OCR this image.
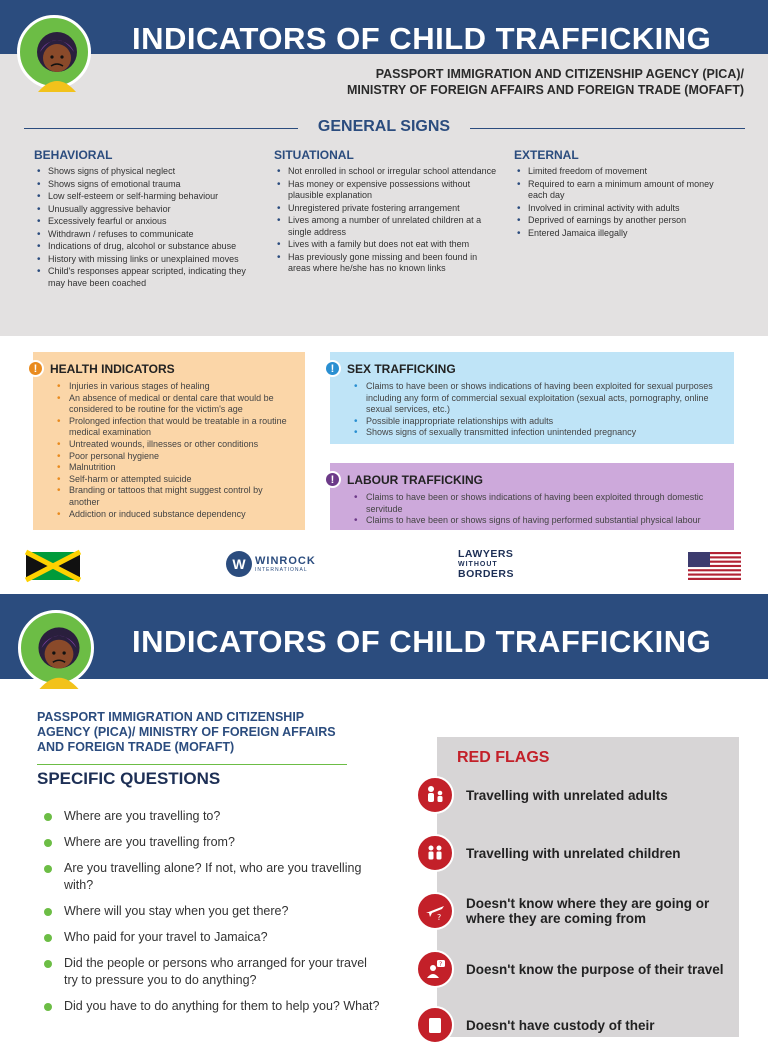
INDICATORS OF CHILD TRAFFICKING
PASSPORT IMMIGRATION AND CITIZENSHIP AGENCY (PICA)/
MINISTRY OF FOREIGN AFFAIRS AND FOREIGN TRADE (MOFAFT)
GENERAL SIGNS
BEHAVIORAL
• Shows signs of physical neglect
• Shows signs of emotional trauma
• Low self-esteem or self-harming behaviour
• Unusually aggressive behavior
• Excessively fearful or anxious
• Withdrawn / refuses to communicate
• Indications of drug, alcohol or substance abuse
• History with missing links or unexplained moves
• Child's responses appear scripted, indicating they may have been coached
SITUATIONAL
• Not enrolled in school or irregular school attendance
• Has money or expensive possessions without plausible explanation
• Unregistered private fostering arrangement
• Lives among a number of unrelated children at a single address
• Lives with a family but does not eat with them
• Has previously gone missing and been found in areas where he/she has no known links
EXTERNAL
• Limited freedom of movement
• Required to earn a minimum amount of money each day
• Involved in criminal activity with adults
• Deprived of earnings by another person
• Entered Jamaica illegally
!	HEALTH INDICATORS
• Injuries in various stages of healing
• An absence of medical or dental care that would be considered to be routine for the victim's age
• Prolonged infection that would be treatable in a routine medical examination
• Untreated wounds, illnesses or other conditions
• Poor personal hygiene
• Malnutrition
• Self-harm or attempted suicide
• Branding or tattoos that might suggest control by another
• Addiction or induced substance dependency
!	SEX TRAFFICKING
• Claims to have been or shows indications of having been exploited for sexual purposes including any form of commercial sexual exploitation (sexual acts, pornography, online sexual services, etc.)
• Possible inappropriate relationships with adults
• Shows signs of sexually transmitted infection unintended pregnancy
!	LABOUR TRAFFICKING
• Claims to have been or shows indications of having been exploited through domestic servitude
• Claims to have been or shows signs of having performed substantial physical labour
W WINROCK
INTERNATIONAL
LAWYERS
WITHOUT
BORDERS
INDICATORS OF CHILD TRAFFICKING
PASSPORT IMMIGRATION AND CITIZENSHIP AGENCY (PICA)/ MINISTRY OF FOREIGN AFFAIRS AND FOREIGN TRADE (MOFAFT)
SPECIFIC QUESTIONS
Where are you travelling to?
Where are you travelling from?
Are you travelling alone? If not, who are you travelling with?
Where will you stay when you get there?
Who paid for your travel to Jamaica?
Did the people or persons who arranged for your travel try to pressure you to do anything?
Did you have to do anything for them to help you? What?
RED FLAGS
Travelling with unrelated adults
Travelling with unrelated children
?
Doesn't know where they are going or where they are coming from
? Doesn't know the purpose of their travel
Doesn't have custody of their
